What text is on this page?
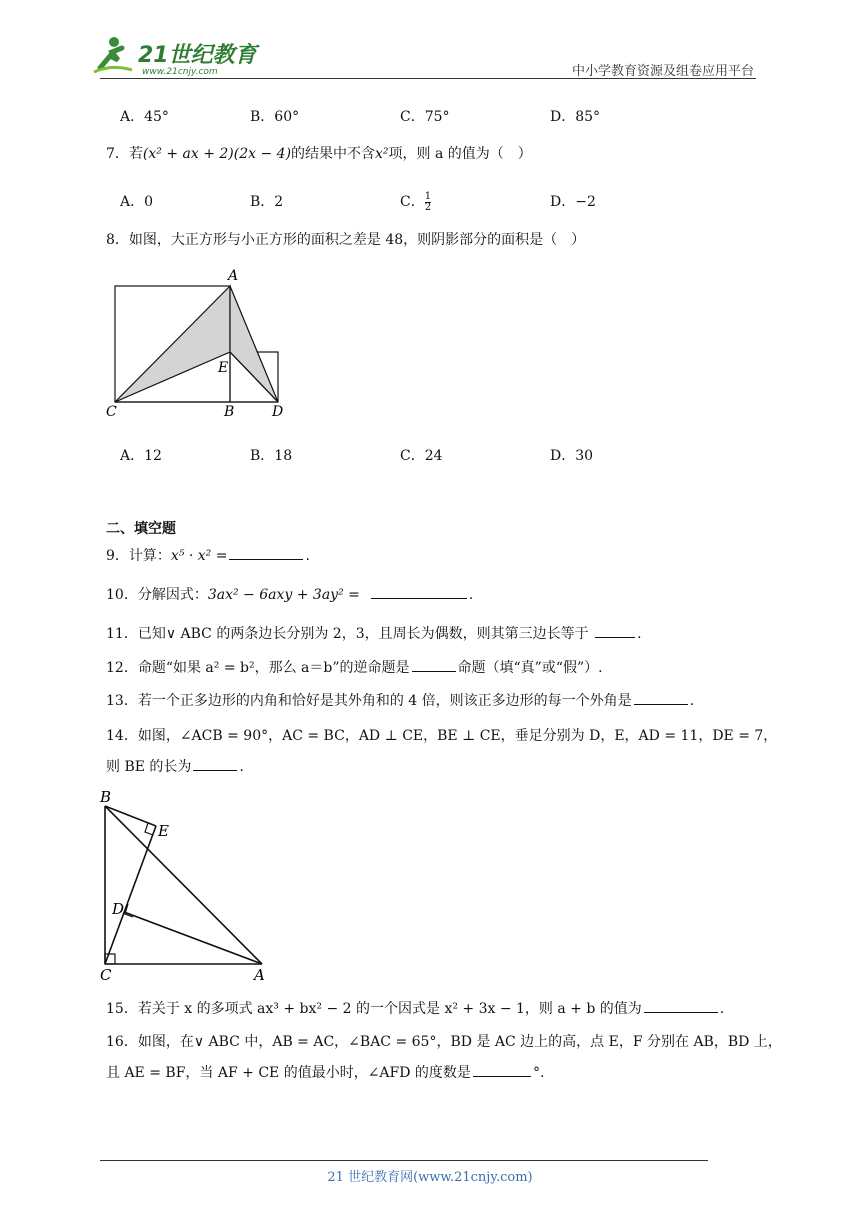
21世纪教育
www.21cnjy.com	中小学教育资源及组卷应用平台
A．45°	B．60°	C．75°	D．85°
7．若(x² + ax + 2)(2x − 4)的结果中不含x²项，则 a 的值为（　）
A．0	B．2	C． $\frac{1}{2}$	D．−2
8．如图，大正方形与小正方形的面积之差是 48，则阴影部分的面积是（　）
A
E
C	B	D
A．12	B．18	C．24	D．30
二、填空题
9．计算：x⁵ · x² =	.
10．分解因式：3ax² − 6axy + 3ay² =	.
11．已知∨ ABC 的两条边长分别为 2，3，且周长为偶数，则其第三边长等于	.
12．命题“如果 a² = b²，那么 a＝b”的逆命题是	命题（填“真”或“假”）.
13．若一个正多边形的内角和恰好是其外角和的 4 倍，则该正多边形的每一个外角是	.
14．如图，∠ACB = 90°，AC = BC，AD ⊥ CE，BE ⊥ CE，垂足分别为 D，E，AD = 11，DE = 7，
则 BE 的长为	.
B
E
D
C	A
15．若关于 x 的多项式 ax³ + bx² − 2 的一个因式是 x² + 3x − 1，则 a + b 的值为	.
16．如图，在∨ ABC 中，AB = AC，∠BAC = 65°，BD 是 AC 边上的高，点 E，F 分别在 AB，BD 上，
且 AE = BF，当 AF + CE 的值最小时，∠AFD 的度数是	°.
21 世纪教育网(www.21cnjy.com)
